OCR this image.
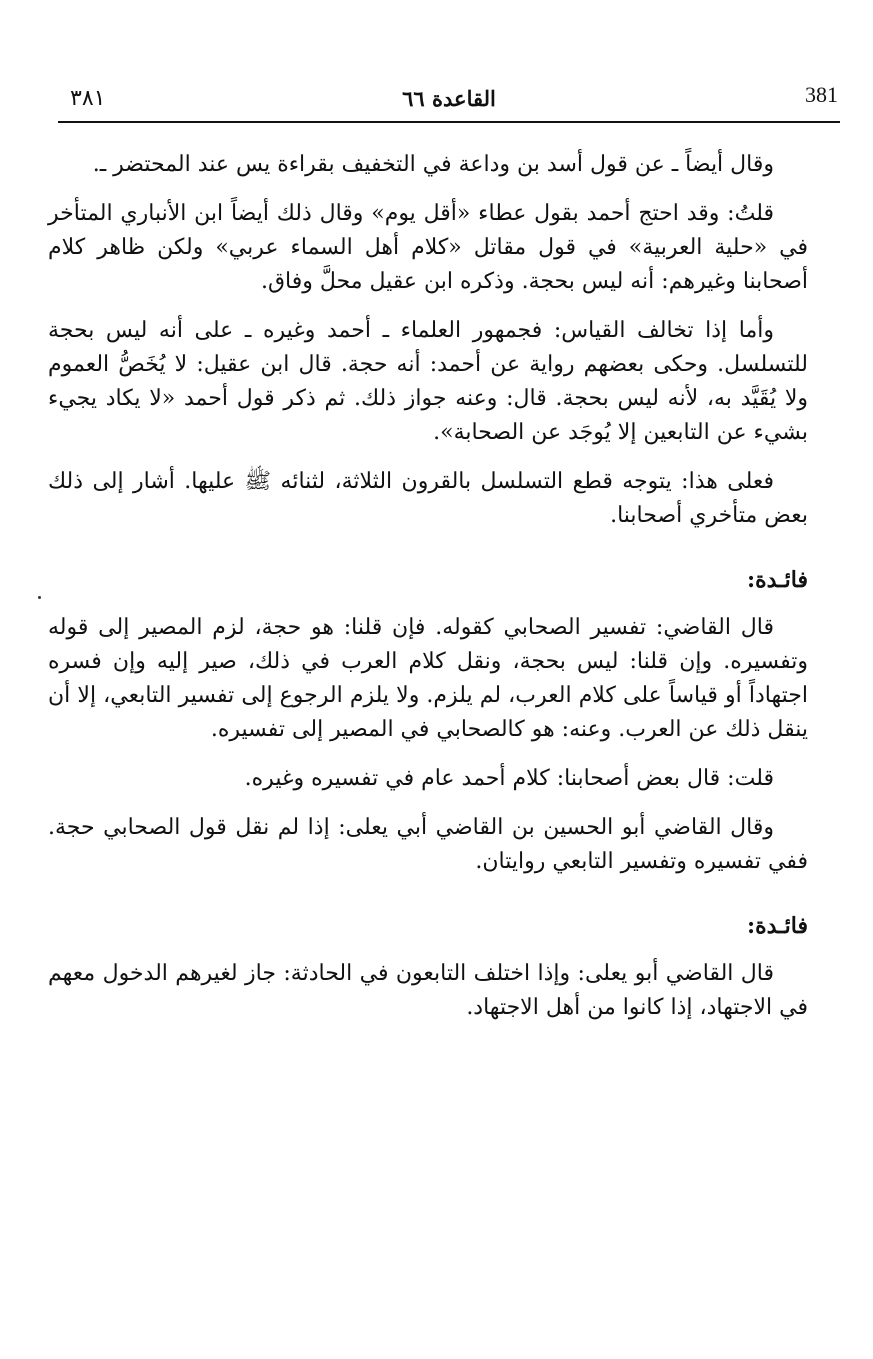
٣٨١	القاعدة ٦٦	381

وقال أيضاً ـ عن قول أسد بن وداعة في التخفيف بقراءة يس عند المحتضر ـ.

قلتُ: وقد احتج أحمد بقول عطاء «أقل يوم» وقال ذلك أيضاً ابن الأنباري المتأخر في «حلية العربية» في قول مقاتل «كلام أهل السماء عربي» ولكن ظاهر كلام أصحابنا وغيرهم: أنه ليس بحجة. وذكره ابن عقيل محلَّ وفاق.

وأما إذا تخالف القياس: فجمهور العلماء ـ أحمد وغيره ـ على أنه ليس بحجة للتسلسل. وحكى بعضهم رواية عن أحمد: أنه حجة. قال ابن عقيل: لا يُخَصُّ العموم ولا يُقَيَّد به، لأنه ليس بحجة. قال: وعنه جواز ذلك. ثم ذكر قول أحمد «لا يكاد يجيء بشيء عن التابعين إلا يُوجَد عن الصحابة».

فعلى هذا: يتوجه قطع التسلسل بالقرون الثلاثة، لثنائه ﷺ عليها. أشار إلى ذلك بعض متأخري أصحابنا.

فائـدة:

قال القاضي: تفسير الصحابي كقوله. فإن قلنا: هو حجة، لزم المصير إلى قوله وتفسيره. وإن قلنا: ليس بحجة، ونقل كلام العرب في ذلك، صير إليه وإن فسره اجتهاداً أو قياساً على كلام العرب، لم يلزم. ولا يلزم الرجوع إلى تفسير التابعي، إلا أن ينقل ذلك عن العرب. وعنه: هو كالصحابي في المصير إلى تفسيره.

قلت: قال بعض أصحابنا: كلام أحمد عام في تفسيره وغيره.

وقال القاضي أبو الحسين بن القاضي أبي يعلى: إذا لم نقل قول الصحابي حجة. ففي تفسيره وتفسير التابعي روايتان.

فائـدة:

قال القاضي أبو يعلى: وإذا اختلف التابعون في الحادثة: جاز لغيرهم الدخول معهم في الاجتهاد، إذا كانوا من أهل الاجتهاد.
